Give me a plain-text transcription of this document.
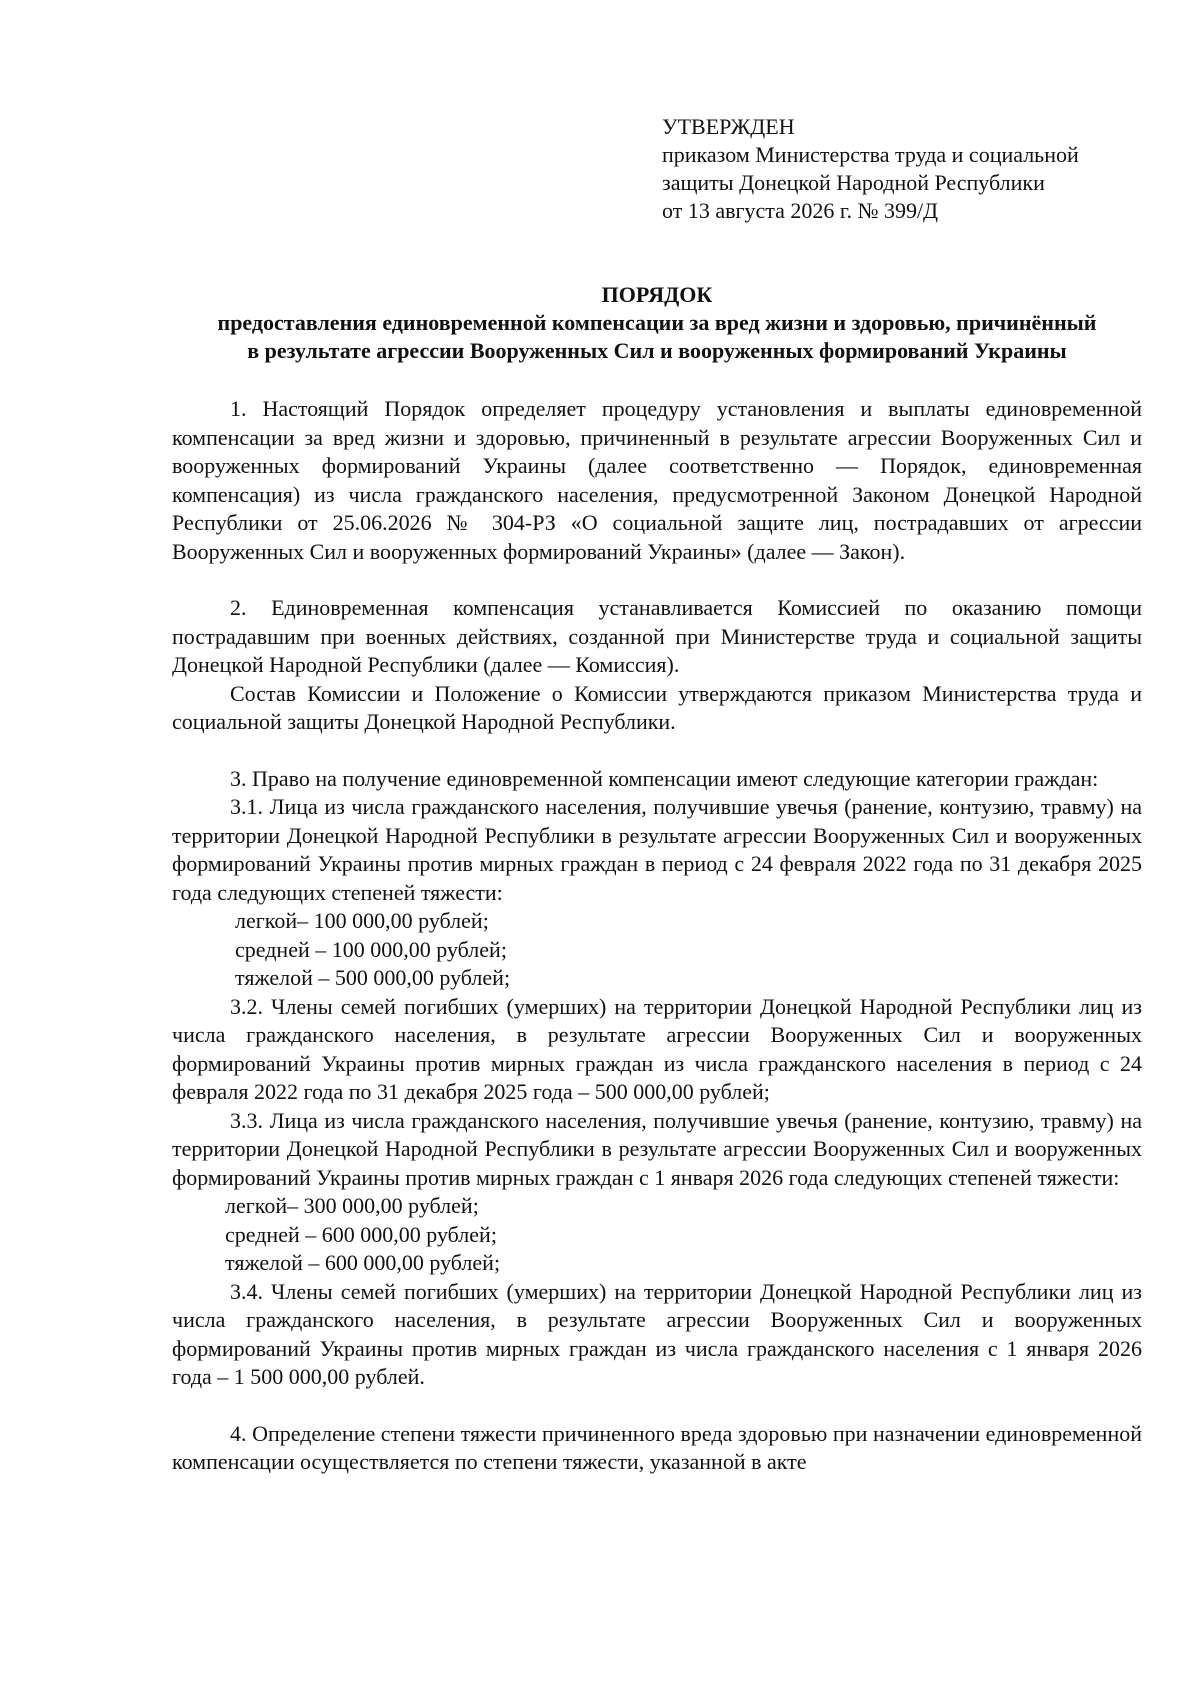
УТВЕРЖДЕН
приказом Министерства труда и социальной
защиты Донецкой Народной Республики
от 13 августа 2026 г. № 399/Д
ПОРЯДОК
предоставления единовременной компенсации за вред жизни и здоровью, причинённый
в результате агрессии Вооруженных Сил и вооруженных формирований Украины

1. Настоящий Порядок определяет процедуру установления и выплаты единовременной компенсации за вред жизни и здоровью, причиненный в результате агрессии Вооруженных Сил и вооруженных формирований Украины (далее соответственно — Порядок, единовременная компенсация) из числа гражданского населения, предусмотренной Законом Донецкой Народной Республики от 25.06.2026 № 304-РЗ «О социальной защите лиц, пострадавших от агрессии Вооруженных Сил и вооруженных формирований Украины» (далее — Закон).

2. Единовременная компенсация устанавливается Комиссией по оказанию помощи пострадавшим при военных действиях, созданной при Министерстве труда и социальной защиты Донецкой Народной Республики (далее — Комиссия).

Состав Комиссии и Положение о Комиссии утверждаются приказом Министерства труда и социальной защиты Донецкой Народной Республики.

3. Право на получение единовременной компенсации имеют следующие категории граждан:

3.1. Лица из числа гражданского населения, получившие увечья (ранение, контузию, травму) на территории Донецкой Народной Республики в результате агрессии Вооруженных Сил и вооруженных формирований Украины против мирных граждан в период с 24 февраля 2022 года по 31 декабря 2025 года следующих степеней тяжести:

легкой– 100 000,00 рублей;

средней – 100 000,00 рублей;

тяжелой – 500 000,00 рублей;

3.2. Члены семей погибших (умерших) на территории Донецкой Народной Республики лиц из числа гражданского населения, в результате агрессии Вооруженных Сил и вооруженных формирований Украины против мирных граждан из числа гражданского населения в период с 24 февраля 2022 года по 31 декабря 2025 года – 500 000,00 рублей;

3.3. Лица из числа гражданского населения, получившие увечья (ранение, контузию, травму) на территории Донецкой Народной Республики в результате агрессии Вооруженных Сил и вооруженных формирований Украины против мирных граждан с 1 января 2026 года следующих степеней тяжести:

легкой– 300 000,00 рублей;

средней – 600 000,00 рублей;

тяжелой – 600 000,00 рублей;

3.4. Члены семей погибших (умерших) на территории Донецкой Народной Республики лиц из числа гражданского населения, в результате агрессии Вооруженных Сил и вооруженных формирований Украины против мирных граждан из числа гражданского населения с 1 января 2026 года – 1 500 000,00 рублей.

4. Определение степени тяжести причиненного вреда здоровью при назначении единовременной компенсации осуществляется по степени тяжести, указанной в акте
